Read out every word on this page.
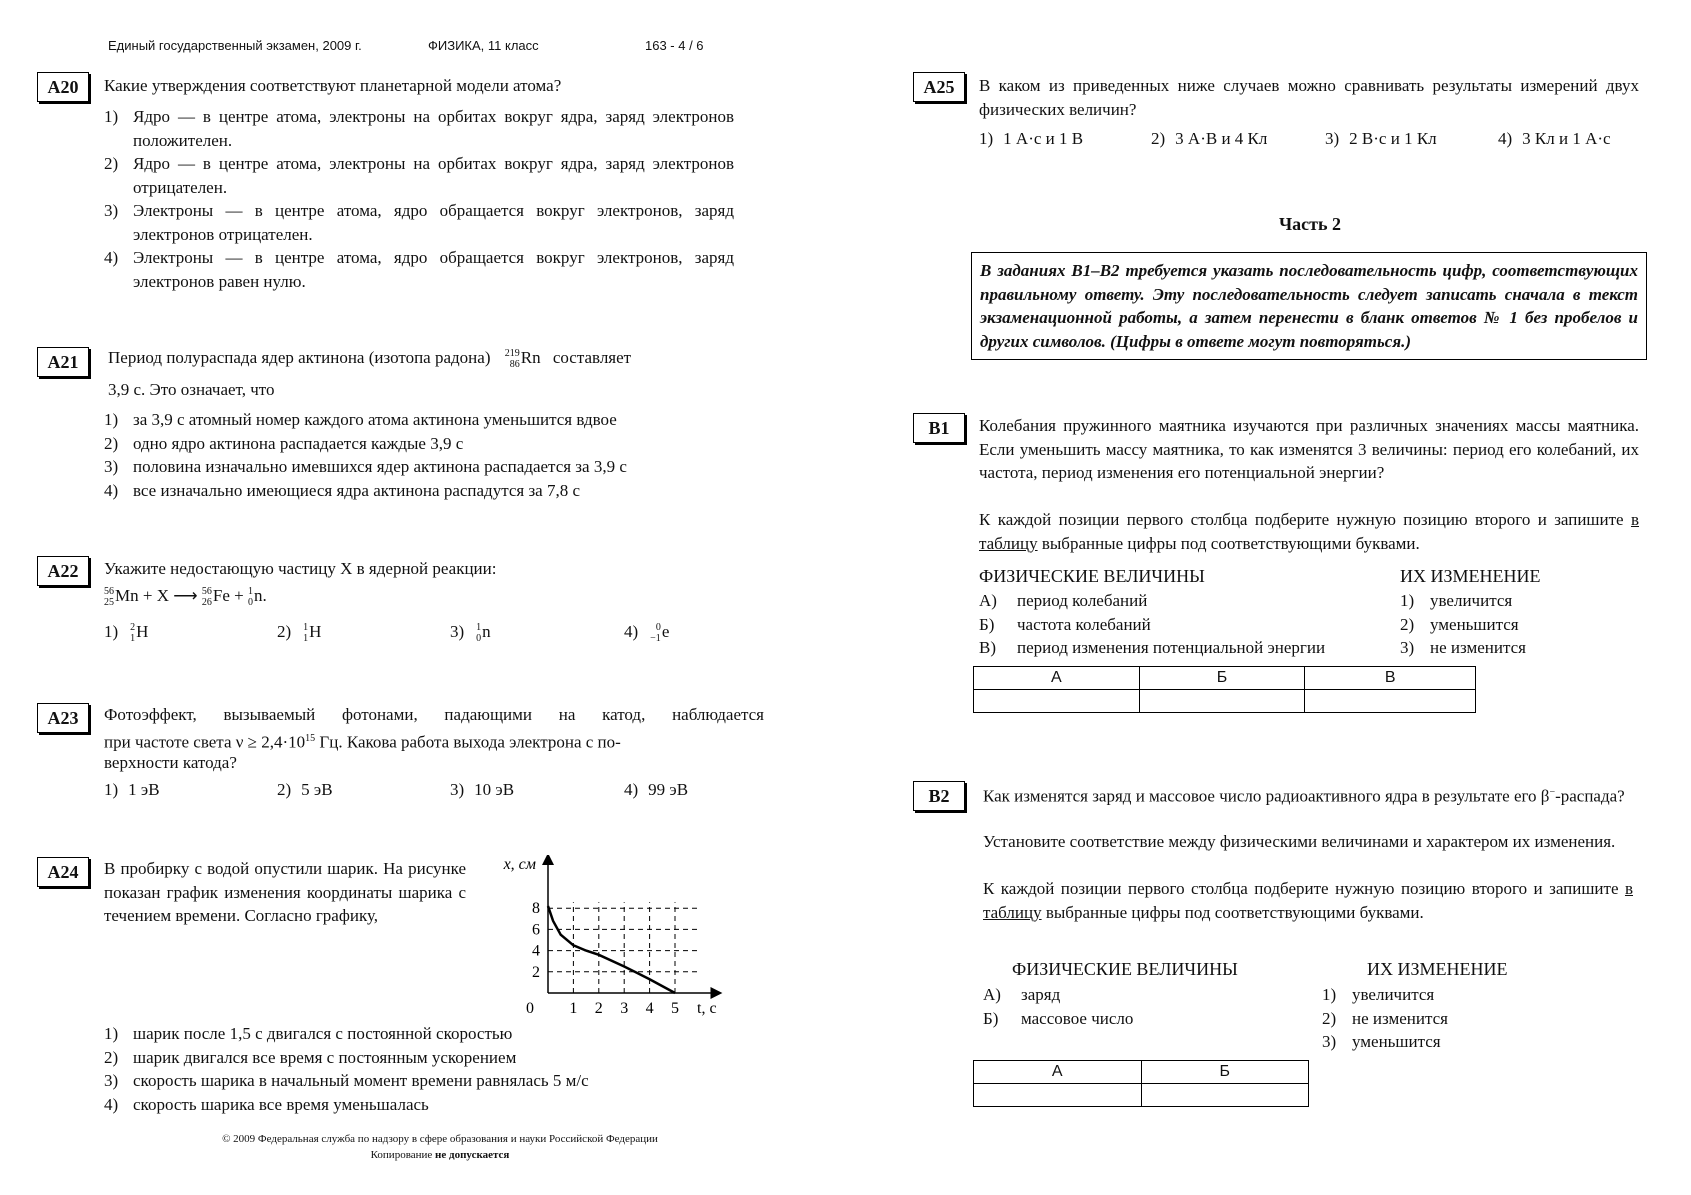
Единый государственный экзамен, 2009 г.	ФИЗИКА, 11 класс	163 - 4 / 6
A20	Какие утверждения соответствуют планетарной модели атома?
1) Ядро — в центре атома, электроны на орбитах вокруг ядра, заряд электронов положителен.
2) Ядро — в центре атома, электроны на орбитах вокруг ядра, заряд электронов отрицателен.
3) Электроны — в центре атома, ядро обращается вокруг электронов, заряд электронов отрицателен.
4) Электроны — в центре атома, ядро обращается вокруг электронов, заряд электронов равен нулю.
A21	Период полураспада ядер актинона (изотопа радона) 219
86Rn составляет
3,9 с. Это означает, что
1) за 3,9 с атомный номер каждого атома актинона уменьшится вдвое
2) одно ядро актинона распадается каждые 3,9 с
3) половина изначально имевшихся ядер актинона распадается за 3,9 с
4) все изначально имеющиеся ядра актинона распадутся за 7,8 с
A22	Укажите недостающую частицу X в ядерной реакции:
56
25Mn + X ⟶ 56
26Fe + 1
0n.
1) 2
1H	2) 1
1H	3) 1
0n	4) 0
−1e
A23	Фотоэффект, вызываемый фотонами, падающими на катод, наблюдается
при частоте света $\nu \ge 2,4\cdot 10^{15}$ Гц. Какова работа выхода электрона с по-
верхности катода?
1) 1 эВ	2) 5 эВ	3) 10 эВ	4) 99 эВ
A24	В пробирку с водой опустили шарик. На рисунке показан график изменения координаты шарика с течением времени. Согласно графику,
1 2 3 4 5
2
4
6
8
0
x, см
t, c
1) шарик после 1,5 с двигался с постоянной скоростью
2) шарик двигался все время с постоянным ускорением
3) скорость шарика в начальный момент времени равнялась 5 м/с
4) скорость шарика все время уменьшалась
© 2009 Федеральная служба по надзору в сфере образования и науки Российской Федерации
Копирование не допускается
A25	В каком из приведенных ниже случаев можно сравнивать результаты измерений двух физических величин?
1) 1 А·с и 1 В	2) 3 А·В и 4 Кл	3) 2 В·с и 1 Кл	4) 3 Кл и 1 А·с
Часть 2
В заданиях В1–В2 требуется указать последовательность цифр, соответствующих правильному ответу. Эту последовательность следует записать сначала в текст экзаменационной работы, а затем перенести в бланк ответов № 1 без пробелов и других символов. (Цифры в ответе могут повторяться.)
B1	Колебания пружинного маятника изучаются при различных значениях массы маятника. Если уменьшить массу маятника, то как изменятся 3 величины: период его колебаний, их частота, период изменения его потенциальной энергии?
К каждой позиции первого столбца подберите нужную позицию второго и запишите в таблицу выбранные цифры под соответствующими буквами.
ФИЗИЧЕСКИЕ ВЕЛИЧИНЫ	ИХ ИЗМЕНЕНИЕ
А) период колебаний
Б) частота колебаний
В) период изменения потенциальной энергии
1) увеличится
2) уменьшится
3) не изменится
А	Б	В

B2	Как изменятся заряд и массовое число радиоактивного ядра в результате его β−-распада?
Установите соответствие между физическими величинами и характером их изменения.
К каждой позиции первого столбца подберите нужную позицию второго и запишите в таблицу выбранные цифры под соответствующими буквами.
ФИЗИЧЕСКИЕ ВЕЛИЧИНЫ	ИХ ИЗМЕНЕНИЕ
А) заряд
Б) массовое число
1) увеличится
2) не изменится
3) уменьшится
А	Б
